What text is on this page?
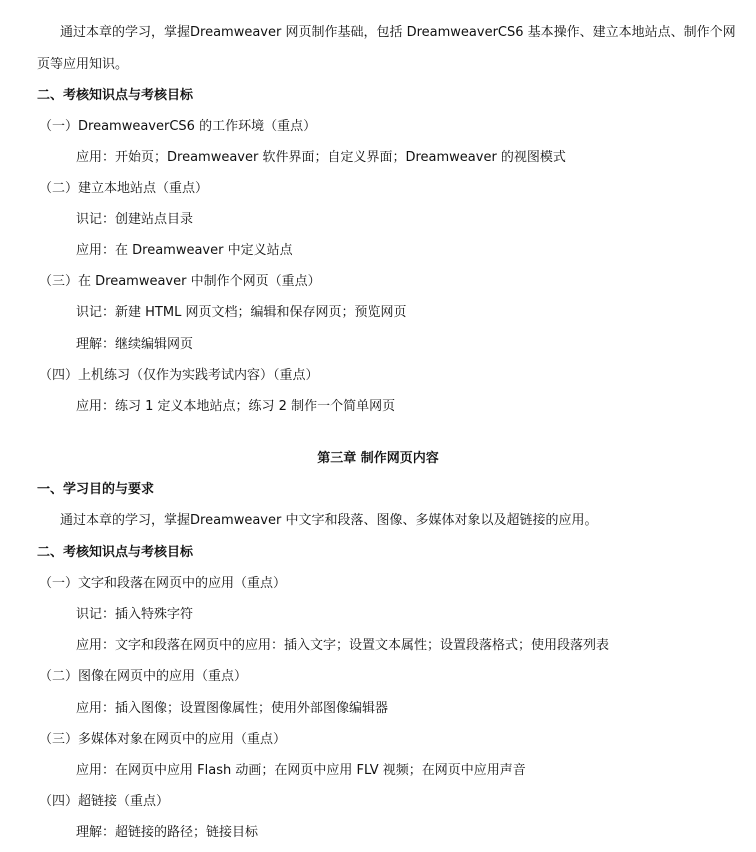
通过本章的学习，掌握Dreamweaver 网页制作基础，包括 DreamweaverCS6 基本操作、建立本地站点、制作个网
页等应用知识。
二、考核知识点与考核目标
（一）DreamweaverCS6 的工作环境（重点）
应用：开始页；Dreamweaver 软件界面；自定义界面；Dreamweaver 的视图模式
（二）建立本地站点（重点）
识记：创建站点目录
应用：在 Dreamweaver 中定义站点
（三）在 Dreamweaver 中制作个网页（重点）
识记：新建 HTML 网页文档；编辑和保存网页；预览网页
理解：继续编辑网页
（四）上机练习（仅作为实践考试内容）（重点）
应用：练习 1 定义本地站点；练习 2 制作一个简单网页
第三章 制作网页内容
一、学习目的与要求
通过本章的学习，掌握Dreamweaver 中文字和段落、图像、多媒体对象以及超链接的应用。
二、考核知识点与考核目标
（一）文字和段落在网页中的应用（重点）
识记：插入特殊字符
应用：文字和段落在网页中的应用：插入文字；设置文本属性；设置段落格式；使用段落列表
（二）图像在网页中的应用（重点）
应用：插入图像；设置图像属性；使用外部图像编辑器
（三）多媒体对象在网页中的应用（重点）
应用：在网页中应用 Flash 动画；在网页中应用 FLV 视频；在网页中应用声音
（四）超链接（重点）
理解：超链接的路径；链接目标
